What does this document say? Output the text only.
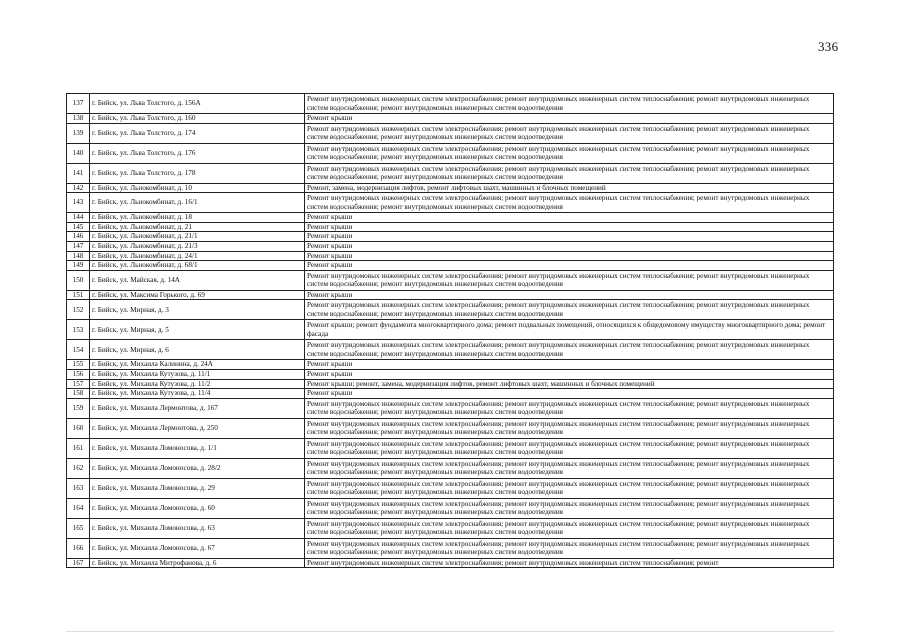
336
137	г. Бийск, ул. Льва Толстого, д. 156А	Ремонт внутридомовых инженерных систем электроснабжения; ремонт внутридомовых инженерных систем теплоснабжения; ремонт внутридомовых инженерных систем водоснабжения; ремонт внутридомовых инженерных систем водоотведения
138	г. Бийск, ул. Льва Толстого, д. 160	Ремонт крыши
139	г. Бийск, ул. Льва Толстого, д. 174	Ремонт внутридомовых инженерных систем электроснабжения; ремонт внутридомовых инженерных систем теплоснабжения; ремонт внутридомовых инженерных систем водоснабжения; ремонт внутридомовых инженерных систем водоотведения
140	г. Бийск, ул. Льва Толстого, д. 176	Ремонт внутридомовых инженерных систем электроснабжения; ремонт внутридомовых инженерных систем теплоснабжения; ремонт внутридомовых инженерных систем водоснабжения; ремонт внутридомовых инженерных систем водоотведения
141	г. Бийск, ул. Льва Толстого, д. 178	Ремонт внутридомовых инженерных систем электроснабжения; ремонт внутридомовых инженерных систем теплоснабжения; ремонт внутридомовых инженерных систем водоснабжения; ремонт внутридомовых инженерных систем водоотведения
142	г. Бийск, ул. Льнокомбинат, д. 10	Ремонт, замена, модернизация лифтов, ремонт лифтовых шахт, машинных и блочных помещений
143	г. Бийск, ул. Льнокомбинат, д. 16/1	Ремонт внутридомовых инженерных систем электроснабжения; ремонт внутридомовых инженерных систем теплоснабжения; ремонт внутридомовых инженерных систем водоснабжения; ремонт внутридомовых инженерных систем водоотведения
144	г. Бийск, ул. Льнокомбинат, д. 18	Ремонт крыши
145	г. Бийск, ул. Льнокомбинат, д. 21	Ремонт крыши
146	г. Бийск, ул. Льнокомбинат, д. 21/1	Ремонт крыши
147	г. Бийск, ул. Льнокомбинат, д. 21/3	Ремонт крыши
148	г. Бийск, ул. Льнокомбинат, д. 24/1	Ремонт крыши
149	г. Бийск, ул. Льнокомбинат, д. 68/1	Ремонт крыши
150	г. Бийск, ул. Майская, д. 14А	Ремонт внутридомовых инженерных систем электроснабжения; ремонт внутридомовых инженерных систем теплоснабжения; ремонт внутридомовых инженерных систем водоснабжения; ремонт внутридомовых инженерных систем водоотведения
151	г. Бийск, ул. Максима Горького, д. 69	Ремонт крыши
152	г. Бийск, ул. Мирная, д. 3	Ремонт внутридомовых инженерных систем электроснабжения; ремонт внутридомовых инженерных систем теплоснабжения; ремонт внутридомовых инженерных систем водоснабжения; ремонт внутридомовых инженерных систем водоотведения
153	г. Бийск, ул. Мирная, д. 5	Ремонт крыши; ремонт фундамента многоквартирного дома; ремонт подвальных помещений, относящихся к общедомовому имуществу многоквартирного дома; ремонт фасада
154	г. Бийск, ул. Мирная, д. 6	Ремонт внутридомовых инженерных систем электроснабжения; ремонт внутридомовых инженерных систем теплоснабжения; ремонт внутридомовых инженерных систем водоснабжения; ремонт внутридомовых инженерных систем водоотведения
155	г. Бийск, ул. Михаила Калинина, д. 24А	Ремонт крыши
156	г. Бийск, ул. Михаила Кутузова, д. 11/1	Ремонт крыши
157	г. Бийск, ул. Михаила Кутузова, д. 11/2	Ремонт крыши; ремонт, замена, модернизация лифтов, ремонт лифтовых шахт, машинных и блочных помещений
158	г. Бийск, ул. Михаила Кутузова, д. 11/4	Ремонт крыши
159	г. Бийск, ул. Михаила Лермонтова, д. 167	Ремонт внутридомовых инженерных систем электроснабжения; ремонт внутридомовых инженерных систем теплоснабжения; ремонт внутридомовых инженерных систем водоснабжения; ремонт внутридомовых инженерных систем водоотведения
160	г. Бийск, ул. Михаила Лермонтова, д. 250	Ремонт внутридомовых инженерных систем электроснабжения; ремонт внутридомовых инженерных систем теплоснабжения; ремонт внутридомовых инженерных систем водоснабжения; ремонт внутридомовых инженерных систем водоотведения
161	г. Бийск, ул. Михаила Ломоносова, д. 1/1	Ремонт внутридомовых инженерных систем электроснабжения; ремонт внутридомовых инженерных систем теплоснабжения; ремонт внутридомовых инженерных систем водоснабжения; ремонт внутридомовых инженерных систем водоотведения
162	г. Бийск, ул. Михаила Ломоносова, д. 28/2	Ремонт внутридомовых инженерных систем электроснабжения; ремонт внутридомовых инженерных систем теплоснабжения; ремонт внутридомовых инженерных систем водоснабжения; ремонт внутридомовых инженерных систем водоотведения
163	г. Бийск, ул. Михаила Ломоносова, д. 29	Ремонт внутридомовых инженерных систем электроснабжения; ремонт внутридомовых инженерных систем теплоснабжения; ремонт внутридомовых инженерных систем водоснабжения; ремонт внутридомовых инженерных систем водоотведения
164	г. Бийск, ул. Михаила Ломоносова, д. 60	Ремонт внутридомовых инженерных систем электроснабжения; ремонт внутридомовых инженерных систем теплоснабжения; ремонт внутридомовых инженерных систем водоснабжения; ремонт внутридомовых инженерных систем водоотведения
165	г. Бийск, ул. Михаила Ломоносова, д. 63	Ремонт внутридомовых инженерных систем электроснабжения; ремонт внутридомовых инженерных систем теплоснабжения; ремонт внутридомовых инженерных систем водоснабжения; ремонт внутридомовых инженерных систем водоотведения
166	г. Бийск, ул. Михаила Ломоносова, д. 67	Ремонт внутридомовых инженерных систем электроснабжения; ремонт внутридомовых инженерных систем теплоснабжения; ремонт внутридомовых инженерных систем водоснабжения; ремонт внутридомовых инженерных систем водоотведения
167	г. Бийск, ул. Михаила Митрофанова, д. 6	Ремонт внутридомовых инженерных систем электроснабжения; ремонт внутридомовых инженерных систем теплоснабжения; ремонт
